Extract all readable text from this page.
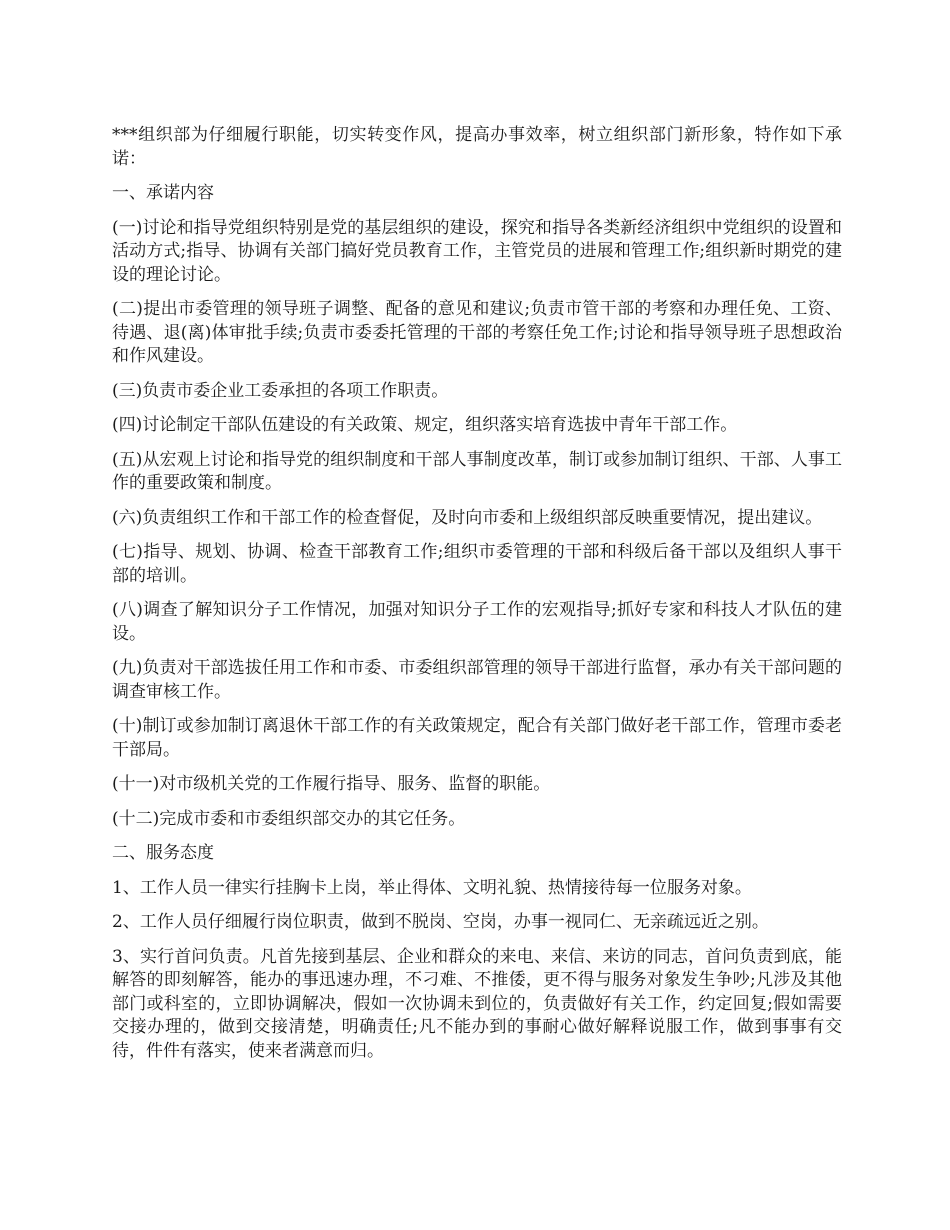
***组织部为仔细履行职能，切实转变作风，提高办事效率，树立组织部门新形象，特作如下承诺：

一、承诺内容

(一)讨论和指导党组织特别是党的基层组织的建设，探究和指导各类新经济组织中党组织的设置和活动方式;指导、协调有关部门搞好党员教育工作，主管党员的进展和管理工作;组织新时期党的建设的理论讨论。

(二)提出市委管理的领导班子调整、配备的意见和建议;负责市管干部的考察和办理任免、工资、待遇、退(离)体审批手续;负责市委委托管理的干部的考察任免工作;讨论和指导领导班子思想政治和作风建设。

(三)负责市委企业工委承担的各项工作职责。

(四)讨论制定干部队伍建设的有关政策、规定，组织落实培育选拔中青年干部工作。

(五)从宏观上讨论和指导党的组织制度和干部人事制度改革，制订或参加制订组织、干部、人事工作的重要政策和制度。

(六)负责组织工作和干部工作的检查督促，及时向市委和上级组织部反映重要情况，提出建议。

(七)指导、规划、协调、检查干部教育工作;组织市委管理的干部和科级后备干部以及组织人事干部的培训。

(八)调查了解知识分子工作情况，加强对知识分子工作的宏观指导;抓好专家和科技人才队伍的建设。

(九)负责对干部选拔任用工作和市委、市委组织部管理的领导干部进行监督，承办有关干部问题的调查审核工作。

(十)制订或参加制订离退休干部工作的有关政策规定，配合有关部门做好老干部工作，管理市委老干部局。

(十一)对市级机关党的工作履行指导、服务、监督的职能。

(十二)完成市委和市委组织部交办的其它任务。

二、服务态度

1、工作人员一律实行挂胸卡上岗，举止得体、文明礼貌、热情接待每一位服务对象。

2、工作人员仔细履行岗位职责，做到不脱岗、空岗，办事一视同仁、无亲疏远近之别。

3、实行首问负责。凡首先接到基层、企业和群众的来电、来信、来访的同志，首问负责到底，能解答的即刻解答，能办的事迅速办理，不刁难、不推倭，更不得与服务对象发生争吵;凡涉及其他部门或科室的，立即协调解决，假如一次协调未到位的，负责做好有关工作，约定回复;假如需要交接办理的，做到交接清楚，明确责任;凡不能办到的事耐心做好解释说服工作，做到事事有交待，件件有落实，使来者满意而归。
